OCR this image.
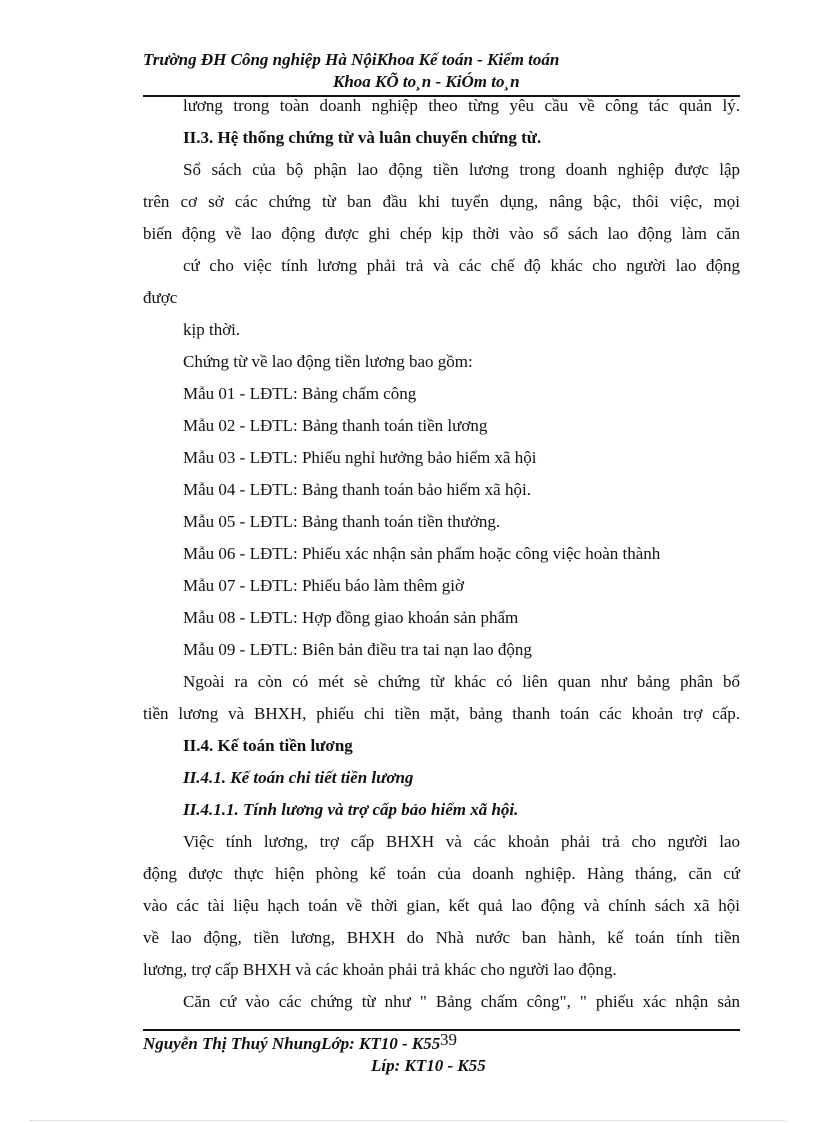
Trường ĐH Công nghiệp Hà NộiKhoa Kế toán - Kiểm toán
Khoa KÕ to¸n - KiÓm to¸n
lương trong toàn doanh nghiệp theo từng yêu cầu về công tác quản lý.
II.3. Hệ thống chứng từ và luân chuyển chứng từ.
Sổ sách của bộ phận lao động tiền lương trong doanh nghiệp được lập
trên cơ sở các chứng từ ban đầu khi tuyển dụng, nâng bậc, thôi việc, mọi
biến động về lao động được ghi chép kịp thời vào sổ sách lao động làm căn
cứ cho việc tính lương phải trả và các chế độ khác cho người lao động
được
kịp thời.
Chứng từ về lao động tiền lương bao gồm:
Mẫu 01 - LĐTL: Bảng chấm công
Mẫu 02 - LĐTL: Bảng thanh toán tiền lương
Mẫu 03 - LĐTL: Phiếu nghỉ hưởng bảo hiểm xã hội
Mẫu 04 - LĐTL: Bảng thanh toán bảo hiểm xã hội.
Mẫu 05 - LĐTL: Bảng thanh toán tiền thưởng.
Mẫu 06 - LĐTL: Phiếu xác nhận sản phẩm hoặc công việc hoàn thành
Mẫu 07 - LĐTL: Phiếu báo làm thêm giờ
Mẫu 08 - LĐTL: Hợp đồng giao khoán sản phẩm
Mẫu 09 - LĐTL: Biên bản điều tra tai nạn lao động
Ngoài ra còn có mét sè chứng từ khác có liên quan như bảng phân bổ
tiền lương và BHXH, phiếu chi tiền mặt, bảng thanh toán các khoản trợ cấp.
II.4. Kế toán tiền lương
II.4.1. Kế toán chi tiết tiền lương
II.4.1.1. Tính lương và trợ cấp bảo hiểm xã hội.
Việc tính lương, trợ cấp BHXH và các khoản phải trả cho người lao
động được thực hiện phòng kế toán của doanh nghiệp. Hàng tháng, căn cứ
vào các tài liệu hạch toán về thời gian, kết quả lao động và chính sách xã hội
về lao động, tiền lương, BHXH do Nhà nước ban hành, kế toán tính tiền
lương, trợ cấp BHXH và các khoản phải trả khác cho người lao động.
Căn cứ vào các chứng từ như " Bảng chấm công", " phiếu xác nhận sản
Nguyễn Thị Thuý NhungLớp: KT10 - K55 39
Líp: KT10 - K55
